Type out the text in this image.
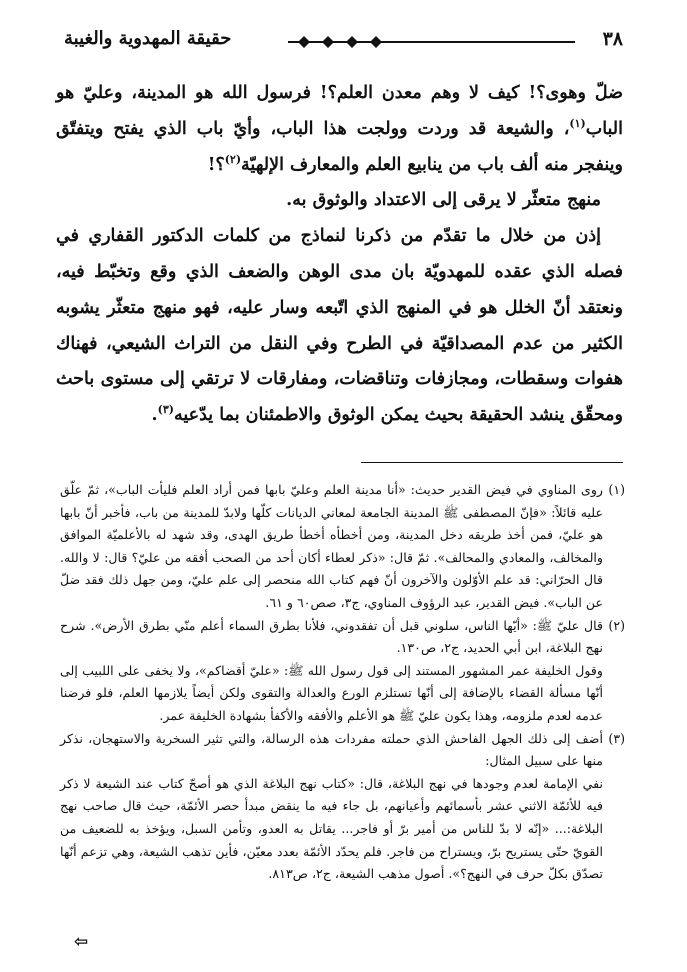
٣٨
حقيقة المهدوية والغيبة

ضلّ وهوى؟! كيف لا وهم معدن العلم؟! فرسول الله هو المدينة، وعليّ هو الباب$^{(١)}$، والشيعة قد وردت وولجت هذا الباب، وأيّ باب الذي يفتح ويتفتّق وينفجر منه ألف باب من ينابيع العلم والمعارف الإلهيّة$^{(٢)}$؟!

منهج متعثّر لا يرقى إلى الاعتداد والوثوق به.

إذن من خلال ما تقدّم من ذكرنا لنماذج من كلمات الدكتور القفاري في فصله الذي عقده للمهدويّة بان مدى الوهن والضعف الذي وقع وتخبّط فيه، ونعتقد أنّ الخلل هو في المنهج الذي اتّبعه وسار عليه، فهو منهج متعثّر يشوبه الكثير من عدم المصداقيّة في الطرح وفي النقل من التراث الشيعي، فهناك هفوات وسقطات، ومجازفات وتناقضات، ومفارقات لا ترتقي إلى مستوى باحث ومحقّق ينشد الحقيقة بحيث يمكن الوثوق والاطمئنان بما يدّعيه$^{(٣)}$.

(١)

روى المناوي في فيض القدير حديث: «أنا مدينة العلم وعليّ بابها فمن أراد العلم فليأت الباب»، ثمّ علّق عليه قائلاً: «فإنّ المصطفى ﷺ المدينة الجامعة لمعاني الديانات كلّها ولابدّ للمدينة من باب، فأخبر أنّ بابها هو عليّ، فمن أخذ طريقه دخل المدينة، ومن أخطأه أخطأ طريق الهدى، وقد شهد له بالأعلميّة الموافق والمخالف، والمعادي والمحالف». ثمّ قال: «ذكر لعطاء أكان أحد من الصحب أفقه من عليّ؟ قال: لا والله. قال الحرّاني: قد علم الأوّلون والآخرون أنّ فهم كتاب الله منحصر إلى علم عليّ، ومن جهل ذلك فقد ضلّ عن الباب». فيض القدير، عبد الرؤوف المناوي، ج٣، صص٦٠ و ٦١.

(٢)

قال عليّ ﷺ: «أيّها الناس، سلوني قبل أن تفقدوني، فلأنا بطرق السماء أعلم منّي بطرق الأرض». شرح نهج البلاغة، ابن أبي الحديد، ج٢، ص١٣٠.

وقول الخليفة عمر المشهور المستند إلى قول رسول الله ﷺ: «عليّ أقضاكم»، ولا يخفى على اللبيب إلى أنّها مسألة القضاء بالإضافة إلى أنّها تستلزم الورع والعدالة والتقوى ولكن أيضاً يلازمها العلم، فلو فرضنا عدمه لعدم ملزومه، وهذا يكون عليّ ﷺ هو الأعلم والأفقه والأكفأ بشهادة الخليفة عمر.

(٣)

أضف إلى ذلك الجهل الفاحش الذي حملته مفردات هذه الرسالة، والتي تثير السخرية والاستهجان، نذكر منها على سبيل المثال:

نفي الإمامة لعدم وجودها في نهج البلاغة، قال: «كتاب نهج البلاغة الذي هو أصحّ كتاب عند الشيعة لا ذكر فيه للأئمّة الاثني عشر بأسمائهم وأعيانهم، بل جاء فيه ما ينقض مبدأ حصر الأئمّة، حيث قال صاحب نهج البلاغة:... «إنّه لا بدّ للناس من أمير برّ أو فاجر... يقاتل به العدو، وتأمن السبل، ويؤخذ به للضعيف من القويّ حتّى يستريح برّ، ويستراح من فاجر. فلم يحدّد الأئمّة بعدد معيّن، فأين تذهب الشيعة، وهي تزعم أنّها تصدّق بكلّ حرف في النهج؟». أصول مذهب الشيعة، ج٢، ص٨١٣.

⇦
